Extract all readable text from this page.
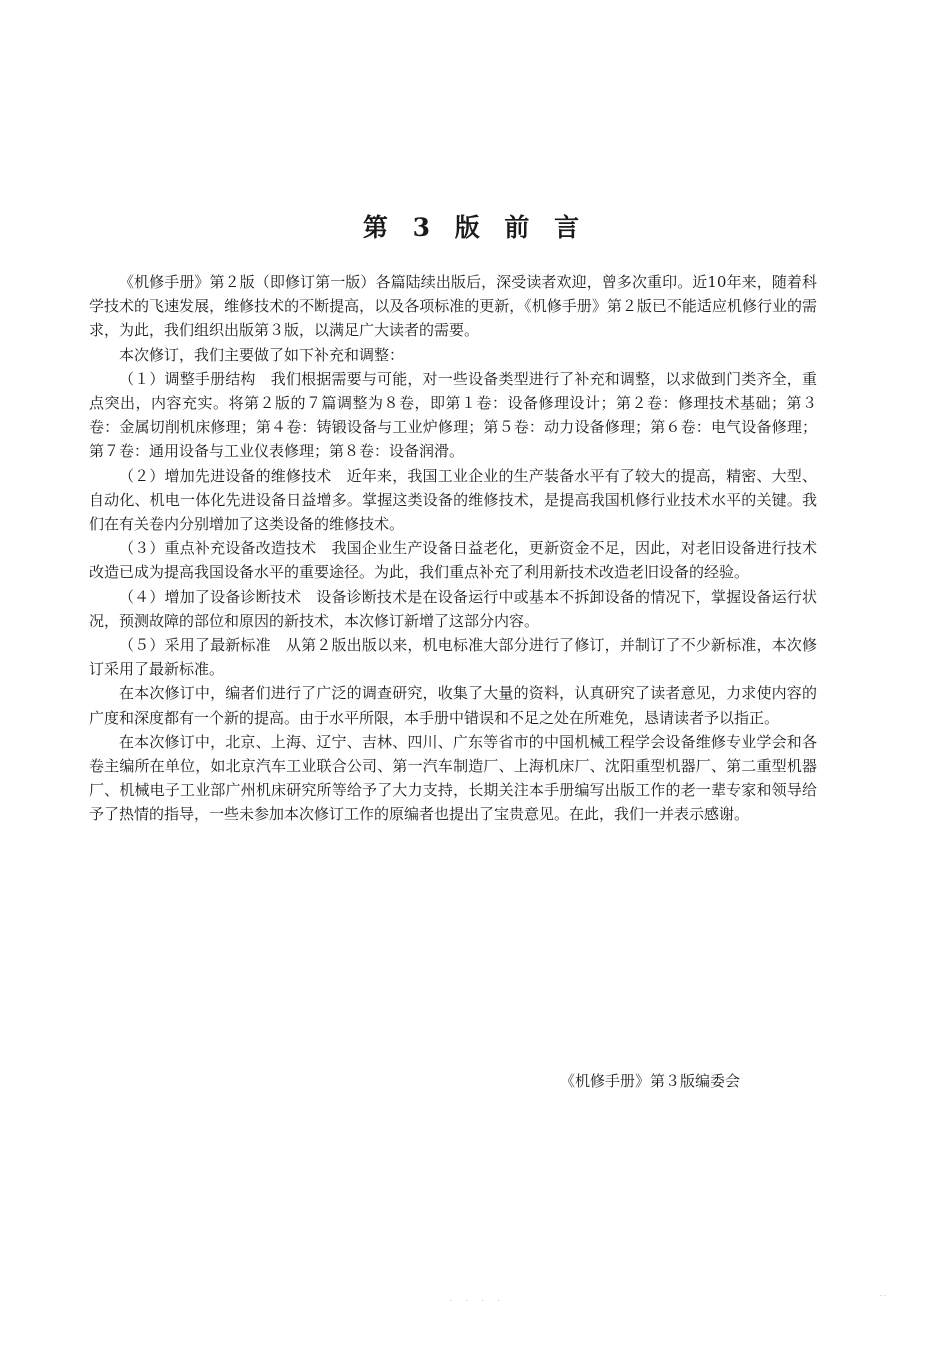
第 3 版 前 言

《机修手册》第２版（即修订第一版）各篇陆续出版后，深受读者欢迎，曾多次重印。近10年来，随着科学技术的飞速发展，维修技术的不断提高，以及各项标准的更新，《机修手册》第２版已不能适应机修行业的需求，为此，我们组织出版第３版，以满足广大读者的需要。

本次修订，我们主要做了如下补充和调整：

（１）调整手册结构　我们根据需要与可能，对一些设备类型进行了补充和调整，以求做到门类齐全，重点突出，内容充实。将第２版的７篇调整为８卷，即第１卷：设备修理设计；第２卷：修理技术基础；第３卷：金属切削机床修理；第４卷：铸锻设备与工业炉修理；第５卷：动力设备修理；第６卷：电气设备修理；第７卷：通用设备与工业仪表修理；第８卷：设备润滑。

（２）增加先进设备的维修技术　近年来，我国工业企业的生产装备水平有了较大的提高，精密、大型、自动化、机电一体化先进设备日益增多。掌握这类设备的维修技术，是提高我国机修行业技术水平的关键。我们在有关卷内分别增加了这类设备的维修技术。

（３）重点补充设备改造技术　我国企业生产设备日益老化，更新资金不足，因此，对老旧设备进行技术改造已成为提高我国设备水平的重要途径。为此，我们重点补充了利用新技术改造老旧设备的经验。

（４）增加了设备诊断技术　设备诊断技术是在设备运行中或基本不拆卸设备的情况下，掌握设备运行状况，预测故障的部位和原因的新技术，本次修订新增了这部分内容。

（５）采用了最新标准　从第２版出版以来，机电标准大部分进行了修订，并制订了不少新标准，本次修订采用了最新标准。

在本次修订中，编者们进行了广泛的调查研究，收集了大量的资料，认真研究了读者意见，力求使内容的广度和深度都有一个新的提高。由于水平所限，本手册中错误和不足之处在所难免，恳请读者予以指正。

在本次修订中，北京、上海、辽宁、吉林、四川、广东等省市的中国机械工程学会设备维修专业学会和各卷主编所在单位，如北京汽车工业联合公司、第一汽车制造厂、上海机床厂、沈阳重型机器厂、第二重型机器厂、机械电子工业部广州机床研究所等给予了大力支持，长期关注本手册编写出版工作的老一辈专家和领导给予了热情的指导，一些未参加本次修订工作的原编者也提出了宝贵意见。在此，我们一并表示感谢。

《机修手册》第３版编委会
· · · ·
· ·
